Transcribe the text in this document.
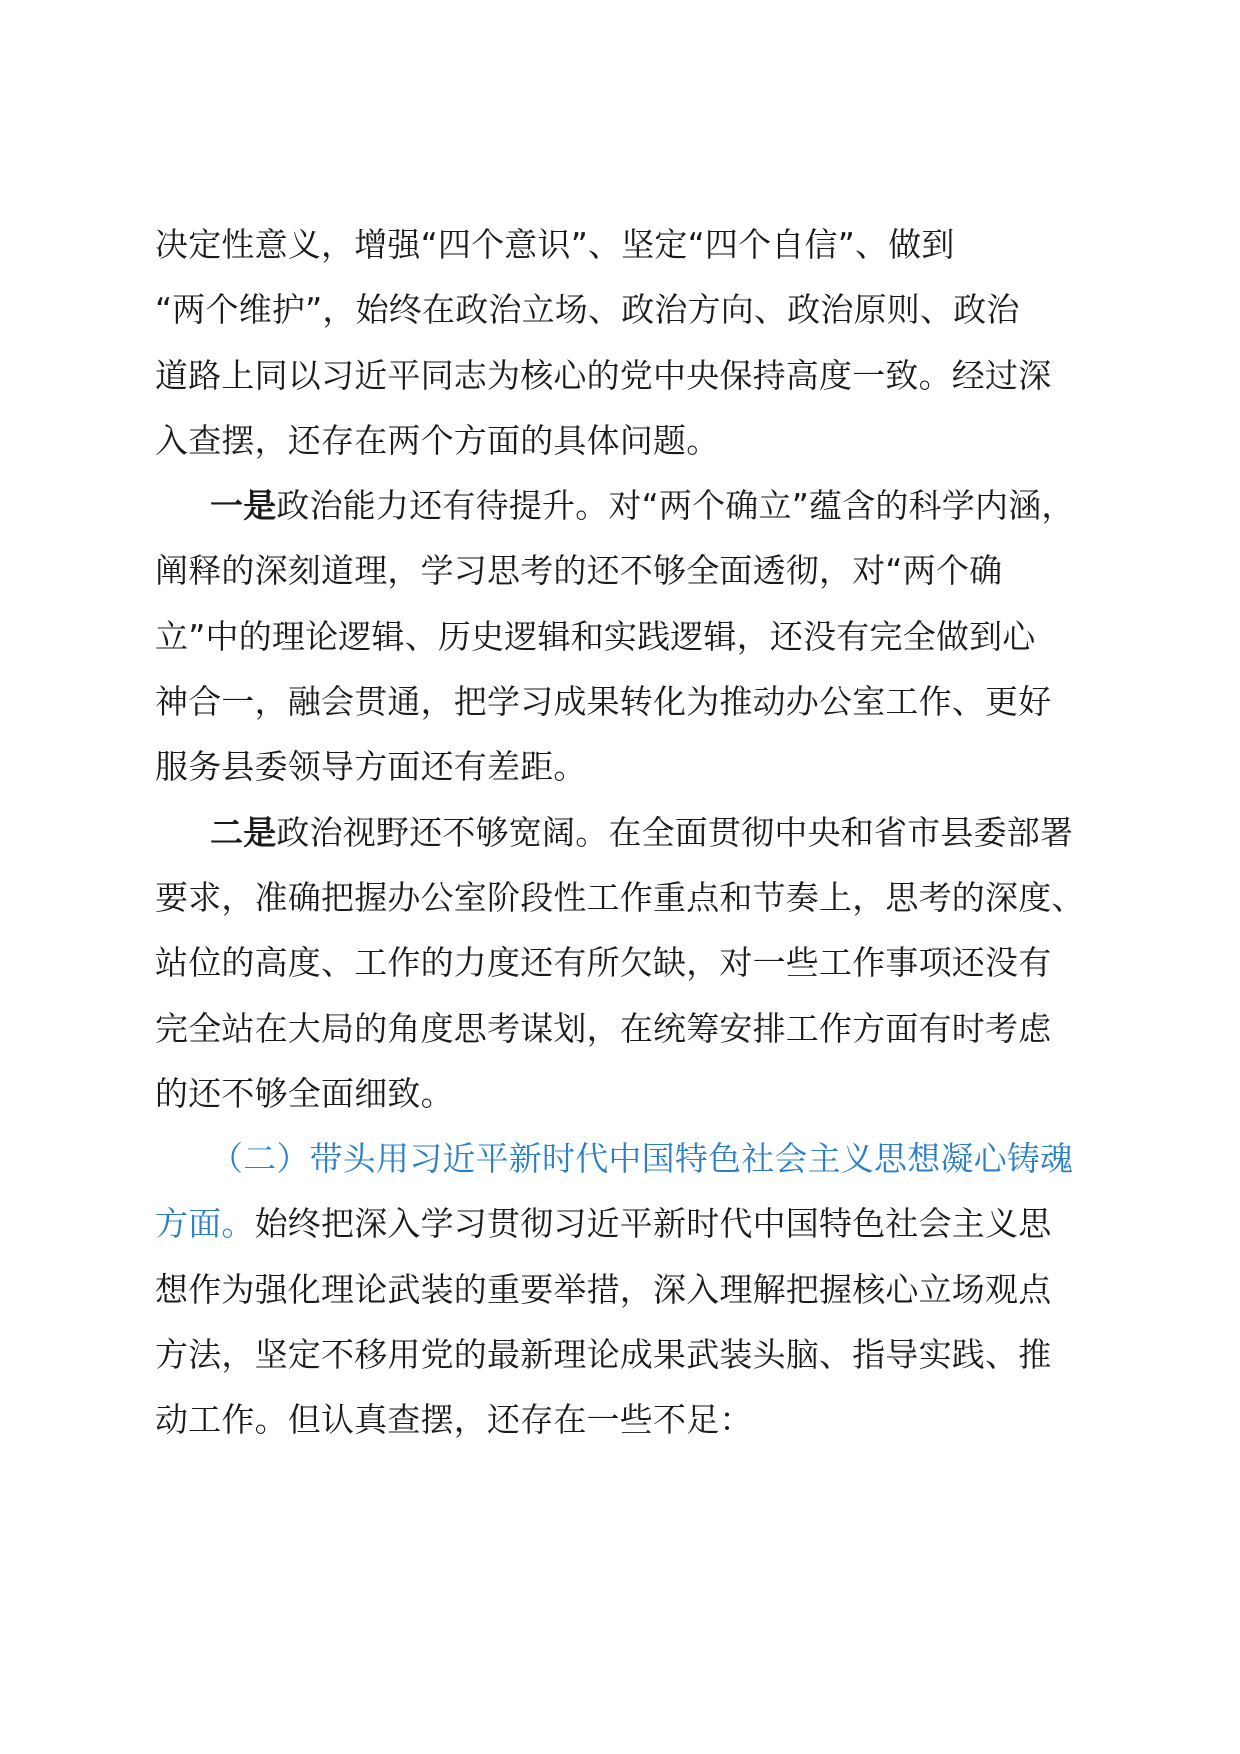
决定性意义，增强“四个意识”、坚定“四个自信”、做到
“两个维护”，始终在政治立场、政治方向、政治原则、政治
道路上同以习近平同志为核心的党中央保持高度一致。经过深
入查摆，还存在两个方面的具体问题。
一是政治能力还有待提升。对“两个确立”蕴含的科学内涵，
阐释的深刻道理，学习思考的还不够全面透彻，对“两个确
立”中的理论逻辑、历史逻辑和实践逻辑，还没有完全做到心
神合一，融会贯通，把学习成果转化为推动办公室工作、更好
服务县委领导方面还有差距。
二是政治视野还不够宽阔。在全面贯彻中央和省市县委部署
要求，准确把握办公室阶段性工作重点和节奏上，思考的深度、
站位的高度、工作的力度还有所欠缺，对一些工作事项还没有
完全站在大局的角度思考谋划，在统筹安排工作方面有时考虑
的还不够全面细致。
（二）带头用习近平新时代中国特色社会主义思想凝心铸魂
方面。始终把深入学习贯彻习近平新时代中国特色社会主义思
想作为强化理论武装的重要举措，深入理解把握核心立场观点
方法，坚定不移用党的最新理论成果武装头脑、指导实践、推
动工作。但认真查摆，还存在一些不足：
